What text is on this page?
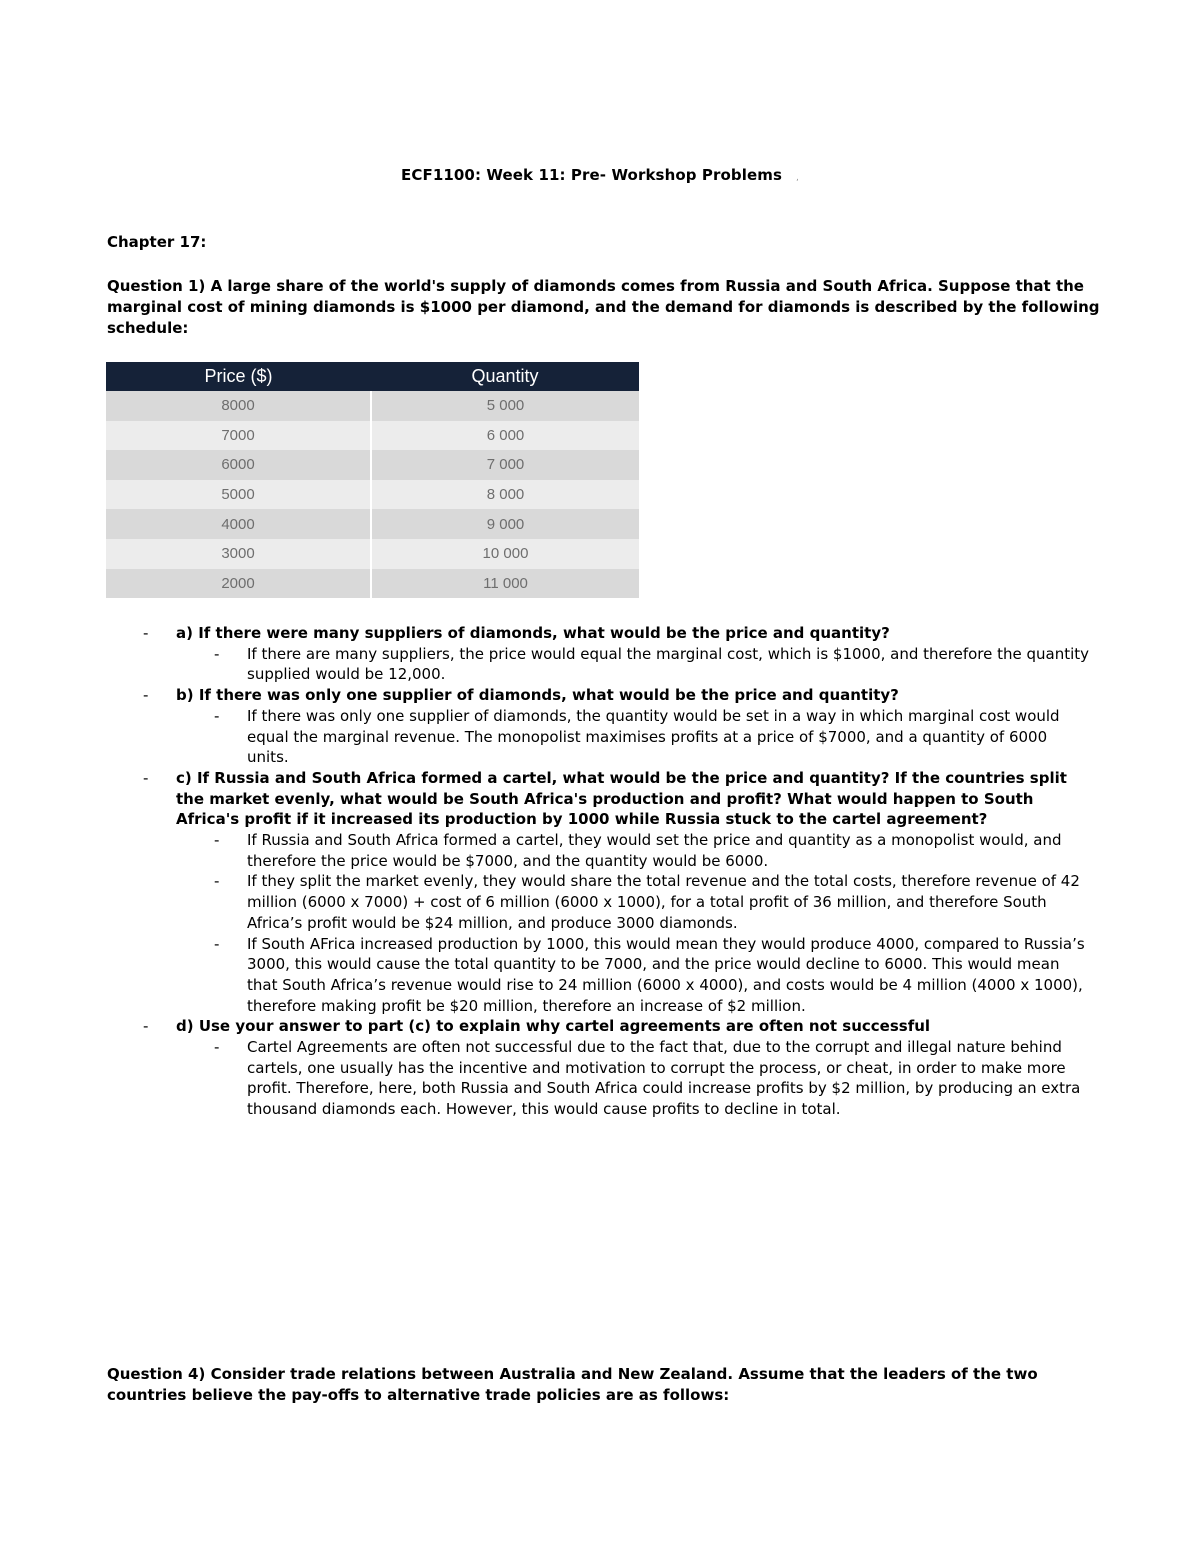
ECF1100: Week 11: Pre- Workshop Problems ,
Chapter 17:
Question 1) A large share of the world's supply of diamonds comes from Russia and South Africa. Suppose that the marginal cost of mining diamonds is $1000 per diamond, and the demand for diamonds is described by the following schedule:
Price ($)	Quantity
8000	5 000
7000	6 000
6000	7 000
5000	8 000
4000	9 000
3000	10 000
2000	11 000
- a) If there were many suppliers of diamonds, what would be the price and quantity?
- If there are many suppliers, the price would equal the marginal cost, which is $1000, and therefore the quantity supplied would be 12,000.
- b) If there was only one supplier of diamonds, what would be the price and quantity?
- If there was only one supplier of diamonds, the quantity would be set in a way in which marginal cost would equal the marginal revenue. The monopolist maximises profits at a price of $7000, and a quantity of 6000 units.
- c) If Russia and South Africa formed a cartel, what would be the price and quantity? If the countries split the market evenly, what would be South Africa's production and profit? What would happen to South Africa's profit if it increased its production by 1000 while Russia stuck to the cartel agreement?
- If Russia and South Africa formed a cartel, they would set the price and quantity as a monopolist would, and therefore the price would be $7000, and the quantity would be 6000.
- If they split the market evenly, they would share the total revenue and the total costs, therefore revenue of 42 million (6000 x 7000) + cost of 6 million (6000 x 1000), for a total profit of 36 million, and therefore South Africa’s profit would be $24 million, and produce 3000 diamonds.
- If South AFrica increased production by 1000, this would mean they would produce 4000, compared to Russia’s 3000, this would cause the total quantity to be 7000, and the price would decline to 6000. This would mean that South Africa’s revenue would rise to 24 million (6000 x 4000), and costs would be 4 million (4000 x 1000), therefore making profit be $20 million, therefore an increase of $2 million.
- d) Use your answer to part (c) to explain why cartel agreements are often not successful
- Cartel Agreements are often not successful due to the fact that, due to the corrupt and illegal nature behind cartels, one usually has the incentive and motivation to corrupt the process, or cheat, in order to make more profit. Therefore, here, both Russia and South Africa could increase profits by $2 million, by producing an extra thousand diamonds each. However, this would cause profits to decline in total.
Question 4) Consider trade relations between Australia and New Zealand. Assume that the leaders of the two countries believe the pay-offs to alternative trade policies are as follows:
